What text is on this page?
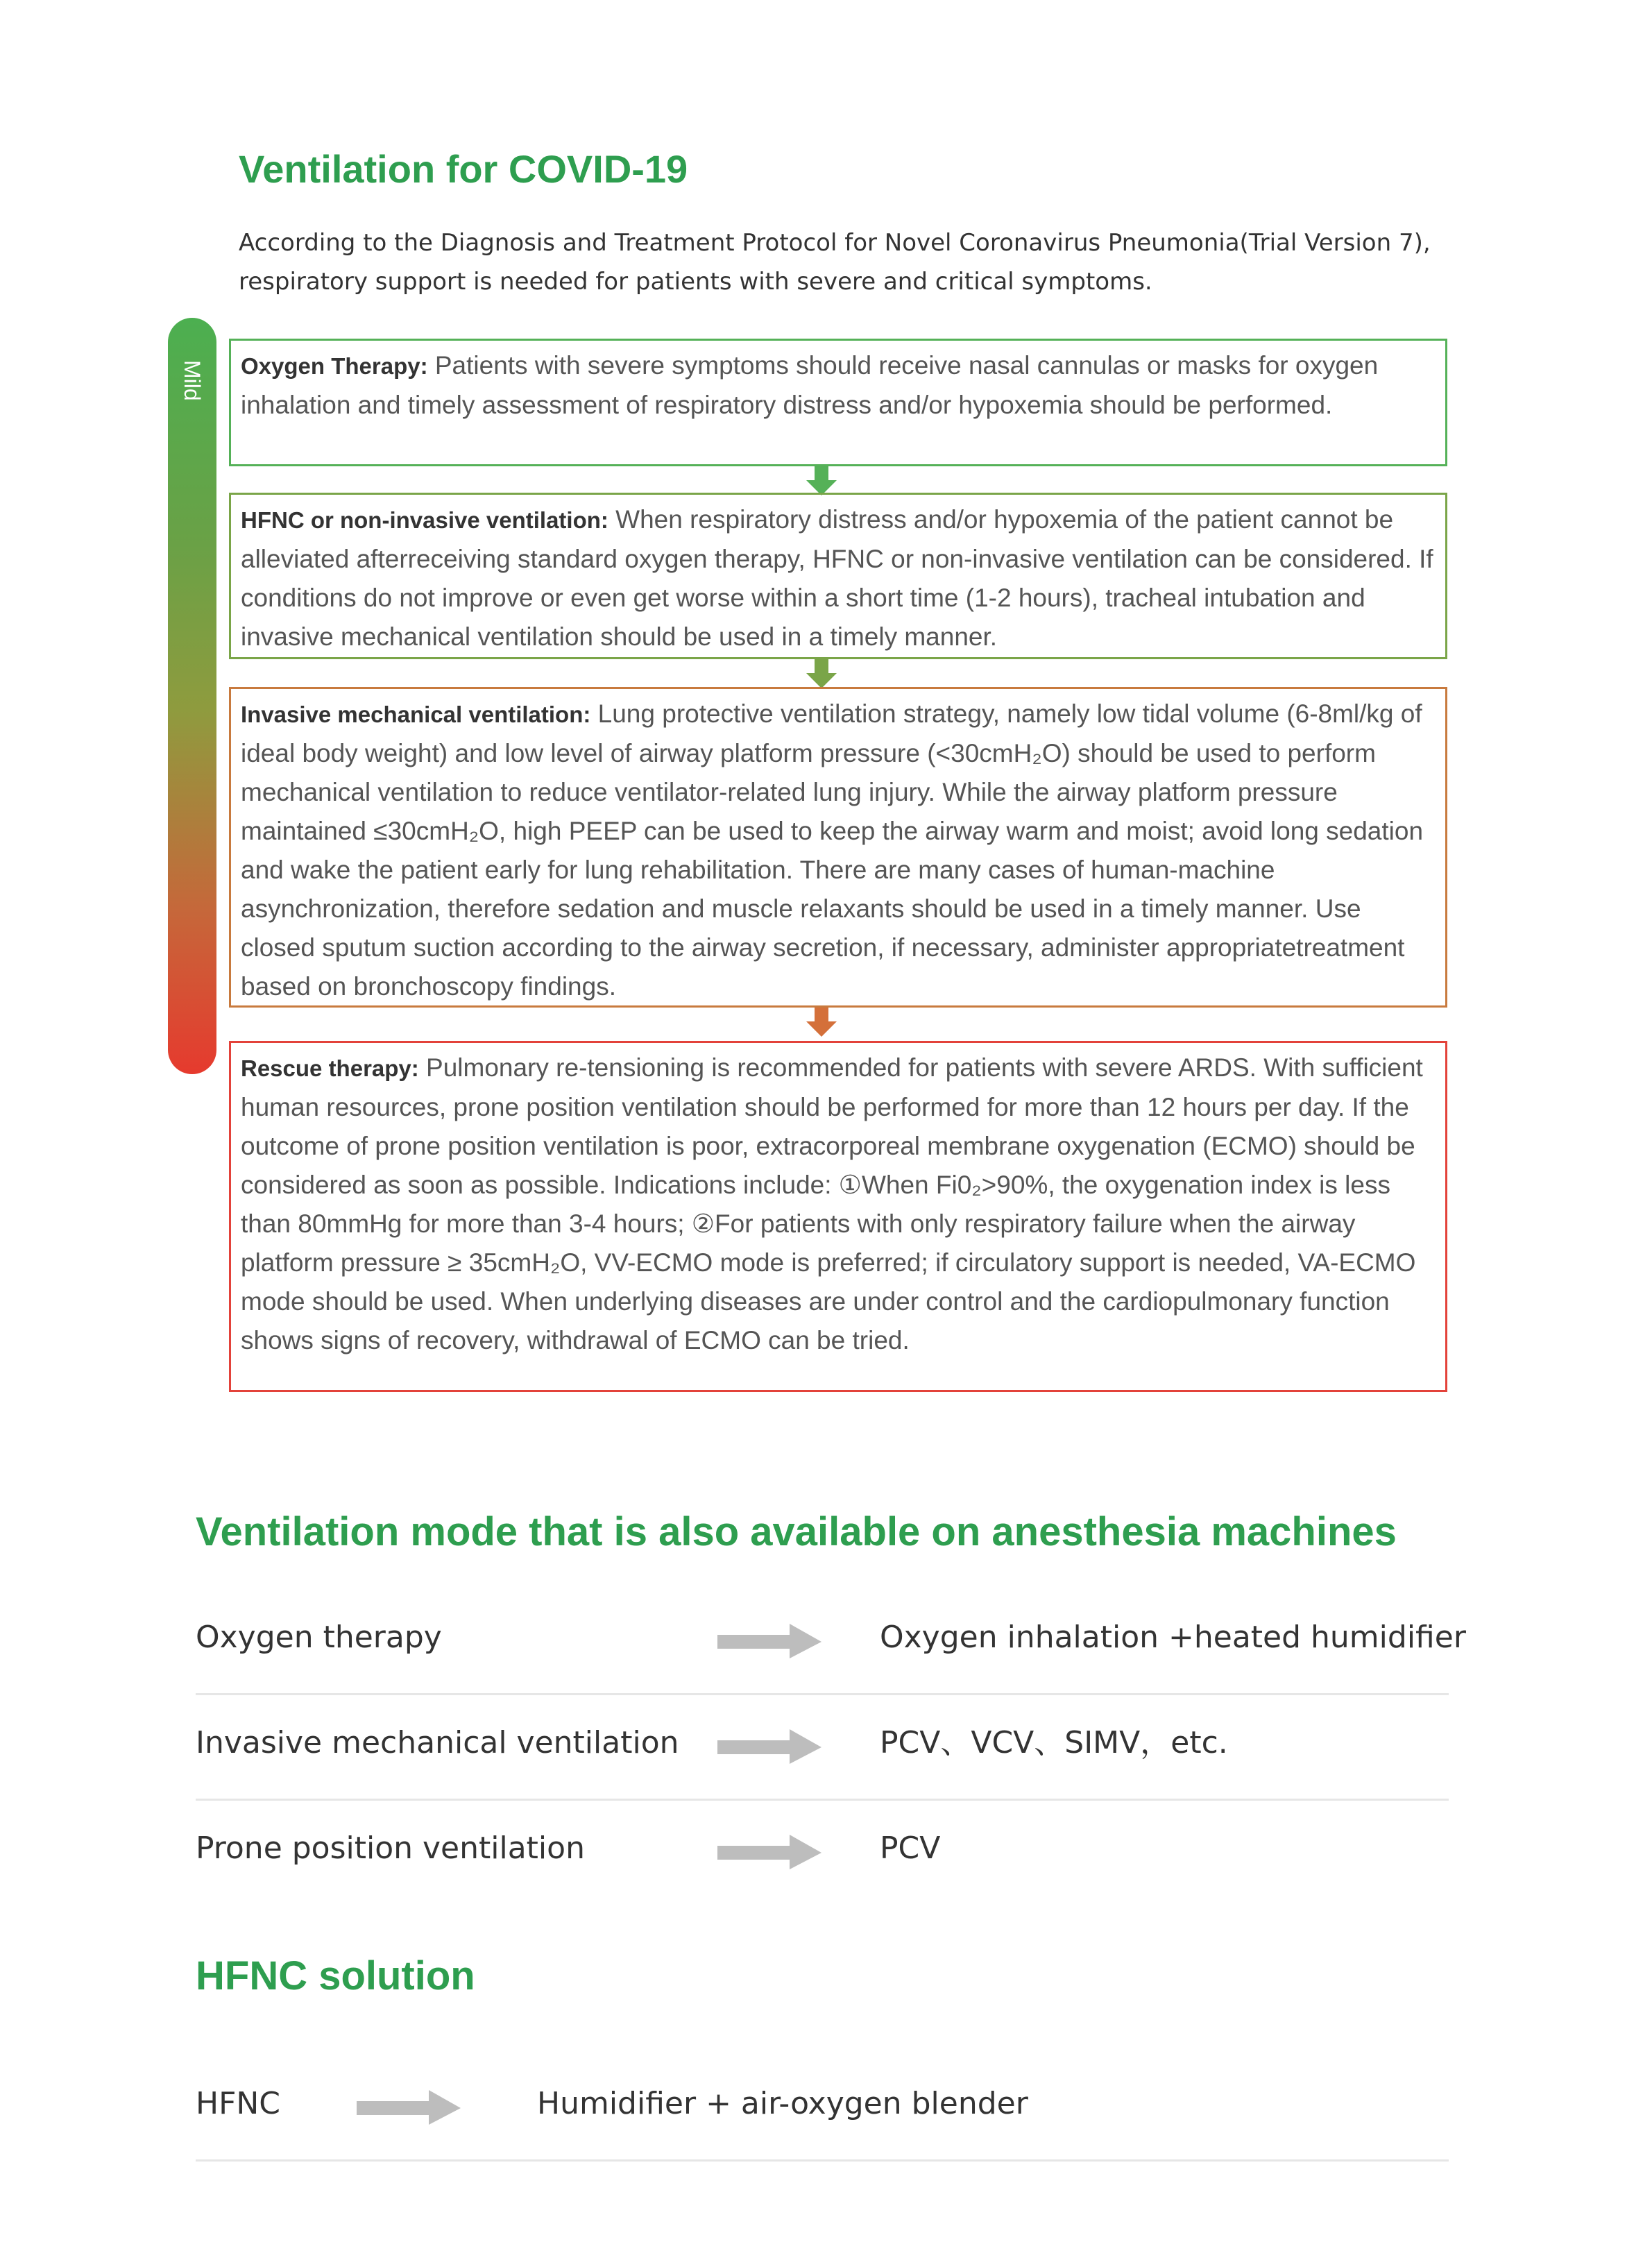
Ventilation for COVID-19

According to the Diagnosis and Treatment Protocol for Novel Coronavirus Pneumonia(Trial Version 7), respiratory support is needed for patients with severe and critical symptoms.

Mild
Severe
Oxygen Therapy: Patients with severe symptoms should receive nasal cannulas or masks for oxygen inhalation and timely assessment of respiratory distress and/or hypoxemia should be performed.
HFNC or non-invasive ventilation: When respiratory distress and/or hypoxemia of the patient cannot be alleviated afterreceiving standard oxygen therapy, HFNC or non-invasive ventilation can be considered. If conditions do not improve or even get worse within a short time (1-2 hours), tracheal intubation and invasive mechanical ventilation should be used in a timely manner.
Invasive mechanical ventilation: Lung protective ventilation strategy, namely low tidal volume (6-8ml/kg of ideal body weight) and low level of airway platform pressure (<30cmH₂O) should be used to perform mechanical ventilation to reduce ventilator-related lung injury. While the airway platform pressure maintained ≤30cmH₂O, high PEEP can be used to keep the airway warm and moist; avoid long sedation and wake the patient early for lung rehabilitation. There are many cases of human-machine asynchronization, therefore sedation and muscle relaxants should be used in a timely manner. Use closed sputum suction according to the airway secretion, if necessary, administer appropriatetreatment based on bronchoscopy findings.
Rescue therapy: Pulmonary re-tensioning is recommended for patients with severe ARDS. With sufficient human resources, prone position ventilation should be performed for more than 12 hours per day. If the outcome of prone position ventilation is poor, extracorporeal membrane oxygenation (ECMO) should be considered as soon as possible. Indications include: ①When Fi0₂>90%, the oxygenation index is less than 80mmHg for more than 3-4 hours; ②For patients with only respiratory failure when the airway platform pressure ≥ 35cmH₂O, VV-ECMO mode is preferred; if circulatory support is needed, VA-ECMO mode should be used. When underlying diseases are under control and the cardiopulmonary function shows signs of recovery, withdrawal of ECMO can be tried.
Ventilation mode that is also available on anesthesia machines
Oxygen therapy	Oxygen inhalation +heated humidifier
Invasive mechanical ventilation	PCV、VCV、SIMV，etc.
Prone position ventilation	PCV
HFNC solution
HFNC	Humidifier + air-oxygen blender
